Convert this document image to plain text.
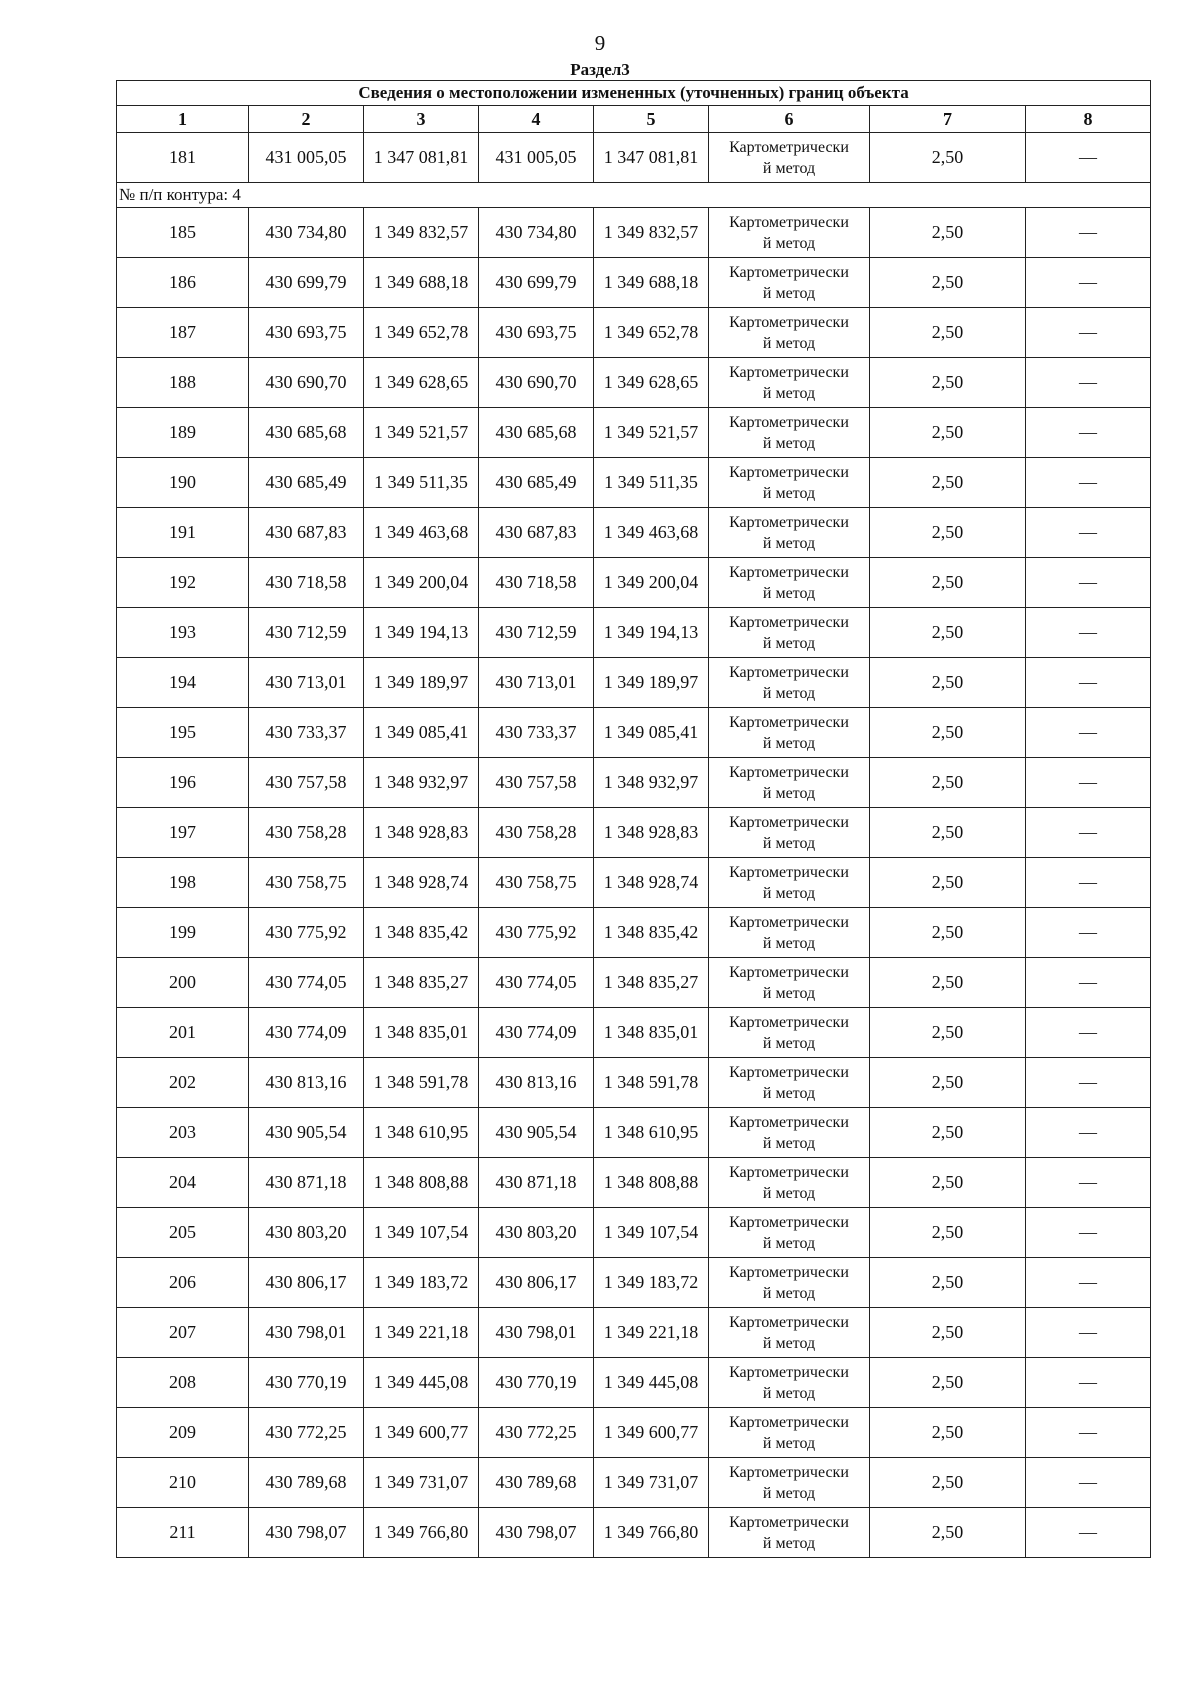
9
Раздел3
Сведения о местоположении измененных (уточненных) границ объекта							
1	2	3	4	5	6	7	8
181	431 005,05	1 347 081,81	431 005,05	1 347 081,81	Картометрически
й метод	2,50	—
№ п/п контура: 4							
185	430 734,80	1 349 832,57	430 734,80	1 349 832,57	Картометрически
й метод	2,50	—
186	430 699,79	1 349 688,18	430 699,79	1 349 688,18	Картометрически
й метод	2,50	—
187	430 693,75	1 349 652,78	430 693,75	1 349 652,78	Картометрически
й метод	2,50	—
188	430 690,70	1 349 628,65	430 690,70	1 349 628,65	Картометрически
й метод	2,50	—
189	430 685,68	1 349 521,57	430 685,68	1 349 521,57	Картометрически
й метод	2,50	—
190	430 685,49	1 349 511,35	430 685,49	1 349 511,35	Картометрически
й метод	2,50	—
191	430 687,83	1 349 463,68	430 687,83	1 349 463,68	Картометрически
й метод	2,50	—
192	430 718,58	1 349 200,04	430 718,58	1 349 200,04	Картометрически
й метод	2,50	—
193	430 712,59	1 349 194,13	430 712,59	1 349 194,13	Картометрически
й метод	2,50	—
194	430 713,01	1 349 189,97	430 713,01	1 349 189,97	Картометрически
й метод	2,50	—
195	430 733,37	1 349 085,41	430 733,37	1 349 085,41	Картометрически
й метод	2,50	—
196	430 757,58	1 348 932,97	430 757,58	1 348 932,97	Картометрически
й метод	2,50	—
197	430 758,28	1 348 928,83	430 758,28	1 348 928,83	Картометрически
й метод	2,50	—
198	430 758,75	1 348 928,74	430 758,75	1 348 928,74	Картометрически
й метод	2,50	—
199	430 775,92	1 348 835,42	430 775,92	1 348 835,42	Картометрически
й метод	2,50	—
200	430 774,05	1 348 835,27	430 774,05	1 348 835,27	Картометрически
й метод	2,50	—
201	430 774,09	1 348 835,01	430 774,09	1 348 835,01	Картометрически
й метод	2,50	—
202	430 813,16	1 348 591,78	430 813,16	1 348 591,78	Картометрически
й метод	2,50	—
203	430 905,54	1 348 610,95	430 905,54	1 348 610,95	Картометрически
й метод	2,50	—
204	430 871,18	1 348 808,88	430 871,18	1 348 808,88	Картометрически
й метод	2,50	—
205	430 803,20	1 349 107,54	430 803,20	1 349 107,54	Картометрически
й метод	2,50	—
206	430 806,17	1 349 183,72	430 806,17	1 349 183,72	Картометрически
й метод	2,50	—
207	430 798,01	1 349 221,18	430 798,01	1 349 221,18	Картометрически
й метод	2,50	—
208	430 770,19	1 349 445,08	430 770,19	1 349 445,08	Картометрически
й метод	2,50	—
209	430 772,25	1 349 600,77	430 772,25	1 349 600,77	Картометрически
й метод	2,50	—
210	430 789,68	1 349 731,07	430 789,68	1 349 731,07	Картометрически
й метод	2,50	—
211	430 798,07	1 349 766,80	430 798,07	1 349 766,80	Картометрически
й метод	2,50	—
